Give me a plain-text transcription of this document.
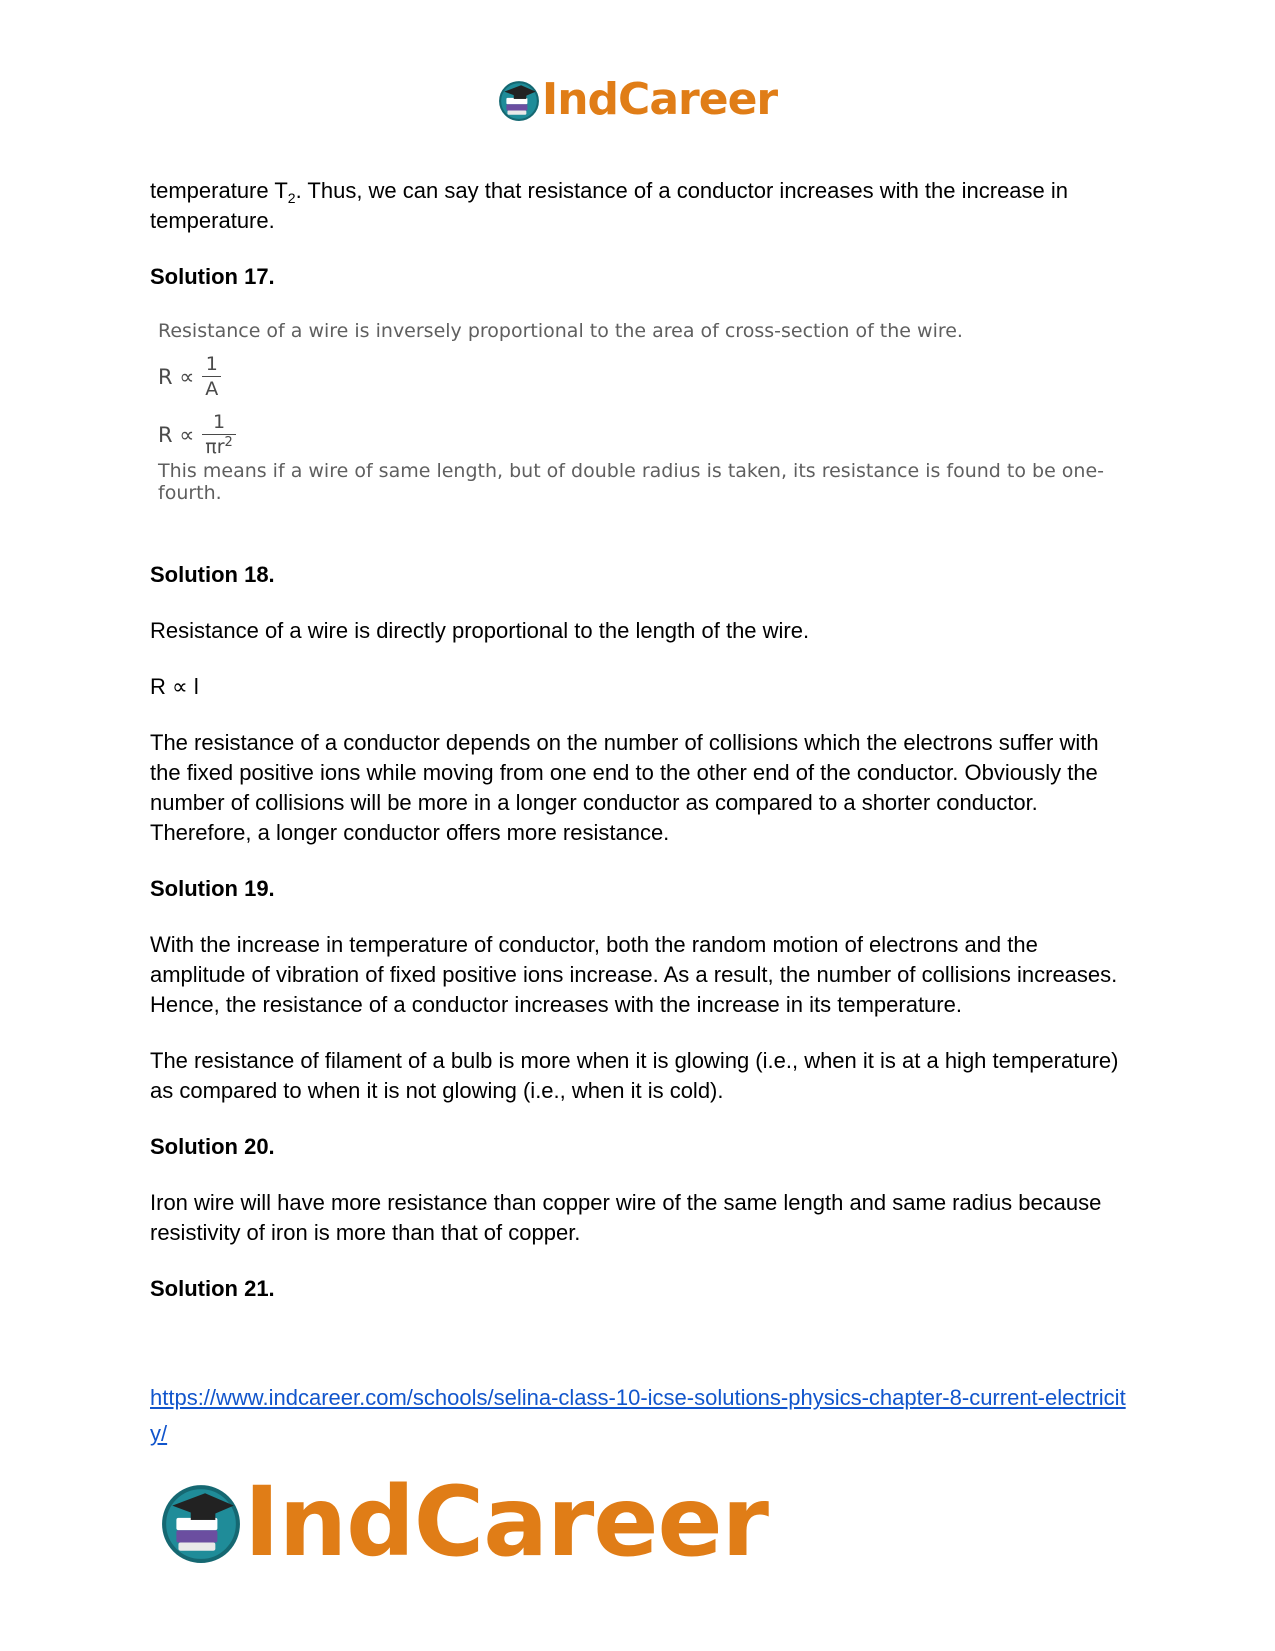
IndCareer
temperature $T_2$. Thus, we can say that resistance of a conductor increases with the increase in temperature.
Solution 17.
Resistance of a wire is inversely proportional to the area of cross-section of the wire.
$R \propto \frac{1}{A}$
$R \propto \frac{1}{\pi r^2}$
This means if a wire of same length, but of double radius is taken, its resistance is found to be one-fourth.
Solution 18.
Resistance of a wire is directly proportional to the length of the wire.
R ∝ l
The resistance of a conductor depends on the number of collisions which the electrons suffer with the fixed positive ions while moving from one end to the other end of the conductor. Obviously the number of collisions will be more in a longer conductor as compared to a shorter conductor. Therefore, a longer conductor offers more resistance.
Solution 19.
With the increase in temperature of conductor, both the random motion of electrons and the amplitude of vibration of fixed positive ions increase. As a result, the number of collisions increases. Hence, the resistance of a conductor increases with the increase in its temperature.
The resistance of filament of a bulb is more when it is glowing (i.e., when it is at a high temperature) as compared to when it is not glowing (i.e., when it is cold).
Solution 20.
Iron wire will have more resistance than copper wire of the same length and same radius because resistivity of iron is more than that of copper.
Solution 21.
https://www.indcareer.com/schools/selina-class-10-icse-solutions-physics-chapter-8-current-electricity/
IndCareer
